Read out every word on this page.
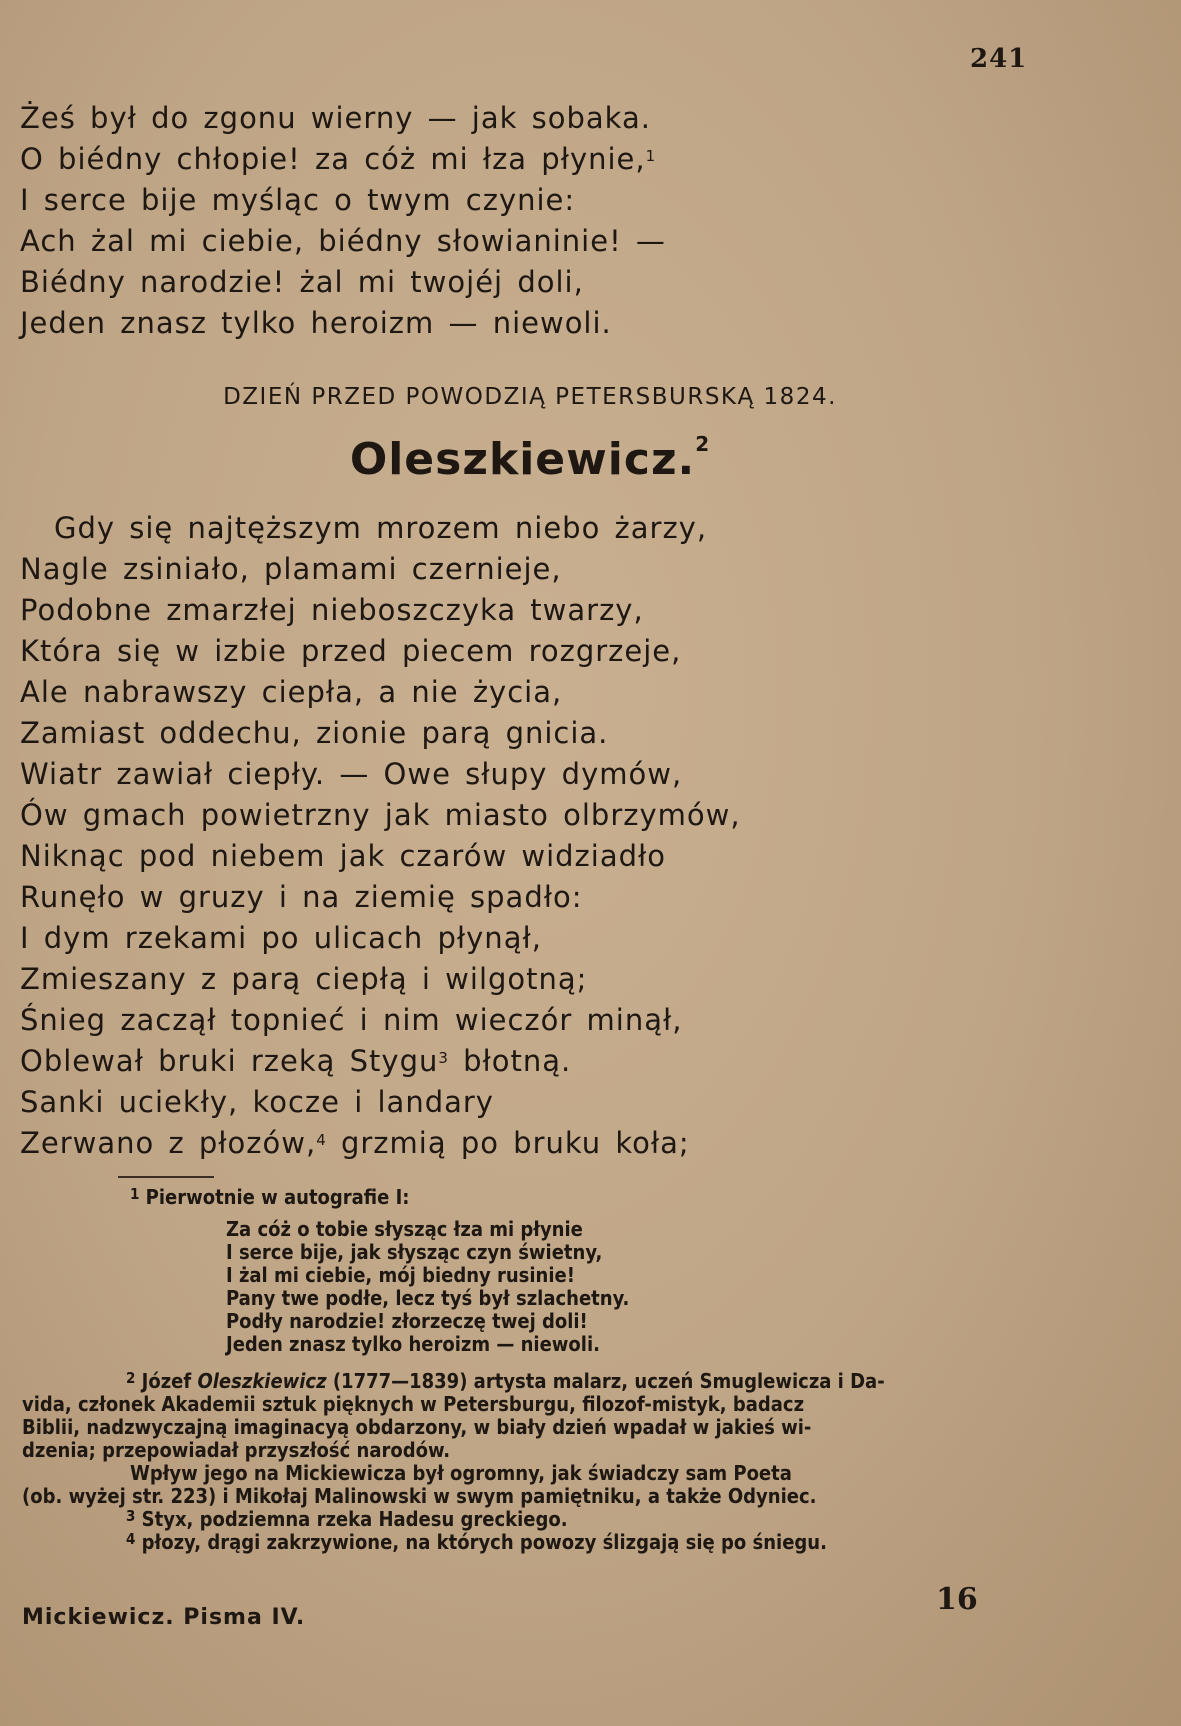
241
Żeś był do zgonu wierny — jak sobaka.
O biédny chłopie! za cóż mi łza płynie,$^1$
I serce bije myśląc o twym czynie:
Ach żal mi ciebie, biédny słowianinie! —
Biédny narodzie! żal mi twojéj doli,
Jeden znasz tylko heroizm — niewoli.
DZIEŃ PRZED POWODZIĄ PETERSBURSKĄ 1824.
Oleszkiewicz.$^2$
Gdy się najtęższym mrozem niebo żarzy,
Nagle zsiniało, plamami czernieje,
Podobne zmarzłej nieboszczyka twarzy,
Która się w izbie przed piecem rozgrzeje,
Ale nabrawszy ciepła, a nie życia,
Zamiast oddechu, zionie parą gnicia.
Wiatr zawiał ciepły. — Owe słupy dymów,
Ów gmach powietrzny jak miasto olbrzymów,
Niknąc pod niebem jak czarów widziadło
Runęło w gruzy i na ziemię spadło:
I dym rzekami po ulicach płynął,
Zmieszany z parą ciepłą i wilgotną;
Śnieg zaczął topnieć i nim wieczór minął,
Oblewał bruki rzeką Stygu$^3$ błotną.
Sanki uciekły, kocze i landary
Zerwano z płozów,$^4$ grzmią po bruku koła;
$^1$ Pierwotnie w autografie I:
Za cóż o tobie słysząc łza mi płynie
I serce bije, jak słysząc czyn świetny,
I żal mi ciebie, mój biedny rusinie!
Pany twe podłe, lecz tyś był szlachetny.
Podły narodzie! złorzeczę twej doli!
Jeden znasz tylko heroizm — niewoli.
$^2$ Józef Oleszkiewicz (1777—1839) artysta malarz, uczeń Smuglewicza i Da-
vida, członek Akademii sztuk pięknych w Petersburgu, filozof-mistyk, badacz
Biblii, nadzwyczajną imaginacyą obdarzony, w biały dzień wpadał w jakieś wi-
dzenia; przepowiadał przyszłość narodów.
Wpływ jego na Mickiewicza był ogromny, jak świadczy sam Poeta
(ob. wyżej str. 223) i Mikołaj Malinowski w swym pamiętniku, a także Odyniec.
$^3$ Styx, podziemna rzeka Hadesu greckiego.
$^4$ płozy, drągi zakrzywione, na których powozy ślizgają się po śniegu.
Mickiewicz. Pisma IV.
16
